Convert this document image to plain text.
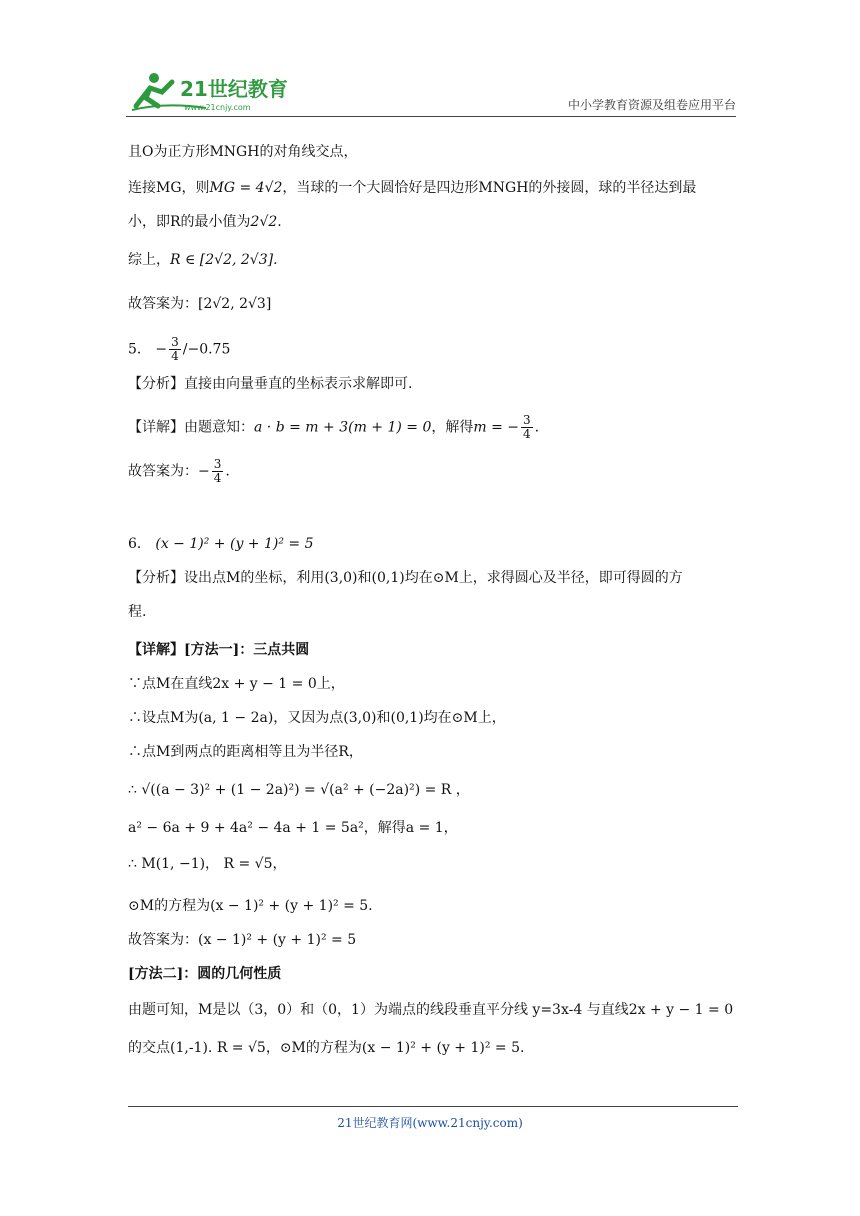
21世纪教育
www.21cnjy.com	中小学教育资源及组卷应用平台
且O为正方形MNGH的对角线交点，
连接MG，则MG = 4√2，当球的一个大圆恰好是四边形MNGH的外接圆，球的半径达到最
小，即R的最小值为2√2.
综上，R ∈ [2√2, 2√3].
故答案为：[2√2, 2√3]
5． − $\frac{3}{4} /-0.75$
【分析】直接由向量垂直的坐标表示求解即可.
【详解】由题意知：a · b = m + 3(m + 1) = 0，解得m = − $\frac{3}{4}$ .
故答案为：− $\frac{3}{4}$ .
6． (x − 1)² + (y + 1)² = 5
【分析】设出点M的坐标，利用(3,0)和(0,1)均在⊙M上，求得圆心及半径，即可得圆的方
程.
【详解】[方法一]：三点共圆
∵点M在直线2x + y − 1 = 0上，
∴设点M为(a, 1 − 2a)，又因为点(3,0)和(0,1)均在⊙M上，
∴点M到两点的距离相等且为半径R，
∴ √((a − 3)² + (1 − 2a)²) = √(a² + (−2a)²) = R ，
a² − 6a + 9 + 4a² − 4a + 1 = 5a²，解得a = 1，
∴ M(1, −1)， R = √5，
⊙M的方程为(x − 1)² + (y + 1)² = 5.
故答案为：(x − 1)² + (y + 1)² = 5
[方法二]：圆的几何性质
由题可知，M是以（3，0）和（0，1）为端点的线段垂直平分线 y=3x-4 与直线2x + y − 1 = 0
的交点(1,-1). R = √5，⊙M的方程为(x − 1)² + (y + 1)² = 5.
21世纪教育网(www.21cnjy.com)
